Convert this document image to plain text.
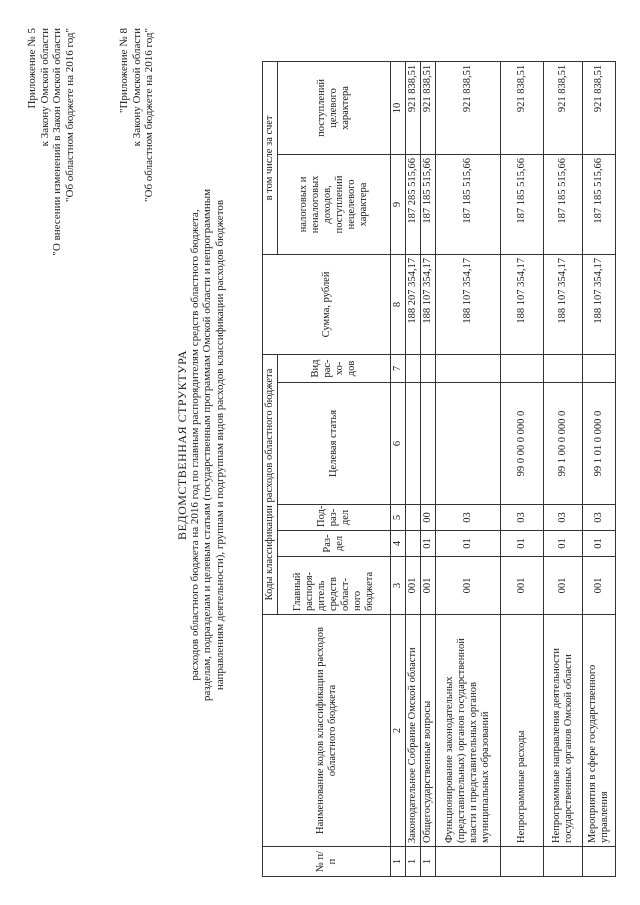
Приложение № 5 к Закону Омской области "О внесении изменений в Закон Омской области "Об областном бюджете на 2016 год"	"Приложение № 8 к Закону Омской области "Об областном бюджете на 2016 год"
ВЕДОМСТВЕННАЯ СТРУКТУРА расходов областного бюджета на 2016 год по главным распорядителям средств областного бюджета, разделам, подразделам и целевым статьям (государственным программам Омской области и непрограммным направлениям деятельности), группам и подгруппам видов расходов классификации расходов бюджетов
№ п/п	Наименование кодов классификации расходов областного бюджета	Коды классификации расходов областного бюджета					Сумма, рублей	в том числе за счет	
		Главный распоря-дитель средств област-ного бюджета	Раз-дел	Под-раз-дел	Целевая статья	Вид рас-хо-дов		налоговых и неналоговых доходов, поступлений нецелевого характера	поступлений целевого характера

1	2	3	4	5	6	7	8	9	10
1	Законодательное Собрание Омской области	001					188 207 354,17	187 285 515,66	921 838,51
1	Общегосударственные вопросы	001	01	00			188 107 354,17	187 185 515,66	921 838,51
	Функционирование законодательных (представительных) органов государственной власти и представительных органов муниципальных образований	001	01	03			188 107 354,17	187 185 515,66	921 838,51
	Непрограммные расходы	001	01	03	99 0 00 0 000 0		188 107 354,17	187 185 515,66	921 838,51
	Непрограммные направления деятельности государственных органов Омской области	001	01	03	99 1 00 0 000 0		188 107 354,17	187 185 515,66	921 838,51
	Мероприятия в сфере государственного управления	001	01	03	99 1 01 0 000 0		188 107 354,17	187 185 515,66	921 838,51
